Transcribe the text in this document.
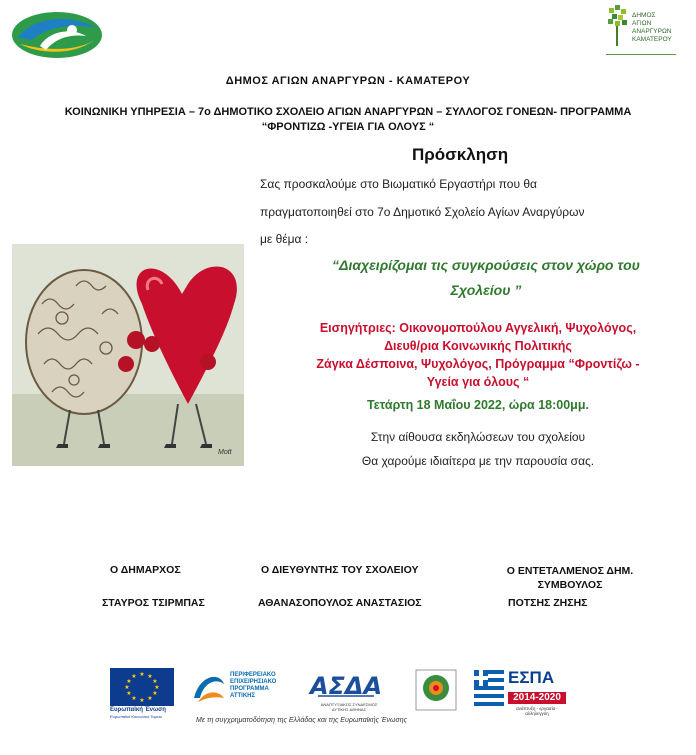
ΔΗΜΟΣ
ΑΓΙΩΝ ΑΝΑΡΓΥΡΩΝ
ΚΑΜΑΤΕΡΟΥ
ΔΗΜΟΣ ΑΓΙΩΝ ΑΝΑΡΓΥΡΩΝ - ΚΑΜΑΤΕΡΟΥ
ΚΟΙΝΩΝΙΚΗ ΥΠΗΡΕΣΙΑ – 7ο ΔΗΜΟΤΙΚΟ ΣΧΟΛΕΙΟ ΑΓΙΩΝ ΑΝΑΡΓΥΡΩΝ – ΣΥΛΛΟΓΟΣ ΓΟΝΕΩΝ- ΠΡΟΓΡΑΜΜΑ
“ΦΡΟΝΤΙΖΩ -ΥΓΕΙΑ ΓΙΑ ΟΛΟΥΣ “
Πρόσκληση
Σας προσκαλούμε στο Βιωματικό Εργαστήρι που θα
πραγματοποιηθεί στο 7ο Δημοτικό Σχολείο Αγίων Αναργύρων
με θέμα :
“Διαχειρίζομαι τις συγκρούσεις στον χώρο του
Σχολείου ”
Εισηγήτριες: Οικονομοπούλου Αγγελική, Ψυχολόγος,
Διευθ/ρια Κοινωνικής Πολιτικής
Ζάγκα Δέσποινα, Ψυχολόγος, Πρόγραμμα “Φροντίζω -
Υγεία για όλους “
Τετάρτη 18 Μαΐου 2022, ώρα 18:00μμ.
Στην αίθουσα εκδηλώσεων του σχολείου
Θα χαρούμε ιδιαίτερα με την παρουσία σας.
Mott
Ο ΔΗΜΑΡΧΟΣ	Ο ΔΙΕΥΘΥΝΤΗΣ ΤΟΥ ΣΧΟΛΕΙΟΥ	Ο ΕΝΤΕΤΑΛΜΕΝΟΣ ΔΗΜ.
ΣΥΜΒΟΥΛΟΣ
ΣΤΑΥΡΟΣ ΤΣΙΡΜΠΑΣ	ΑΘΑΝΑΣΟΠΟΥΛΟΣ ΑΝΑΣΤΑΣΙΟΣ	ΠΟΤΣΗΣ ΖΗΣΗΣ
★ ★
★
★
★
★
★
★
★
★
★
★
Ευρωπαϊκή Ένωση
Ευρωπαϊκό Κοινωνικό Ταμείο
ΠΕΡΙΦΕΡΕΙΑΚΟ
ΕΠΙΧΕΙΡΗΣΙΑΚΟ
ΠΡΟΓΡΑΜΜΑ
ΑΤΤΙΚΗΣ	ΑΣΔΑ
ΑΝΑΠΤΥΞΙΑΚΟΣ ΣΥΝΔΕΣΜΟΣ ΔΥΤΙΚΗΣ ΑΘΗΝΑΣ
ΕΣΠΑ
2014-2020
ανάπτυξη - εργασία - αλληλεγγύη
Με τη συγχρηματοδότηση της Ελλάδας και της Ευρωπαϊκής Ένωσης
